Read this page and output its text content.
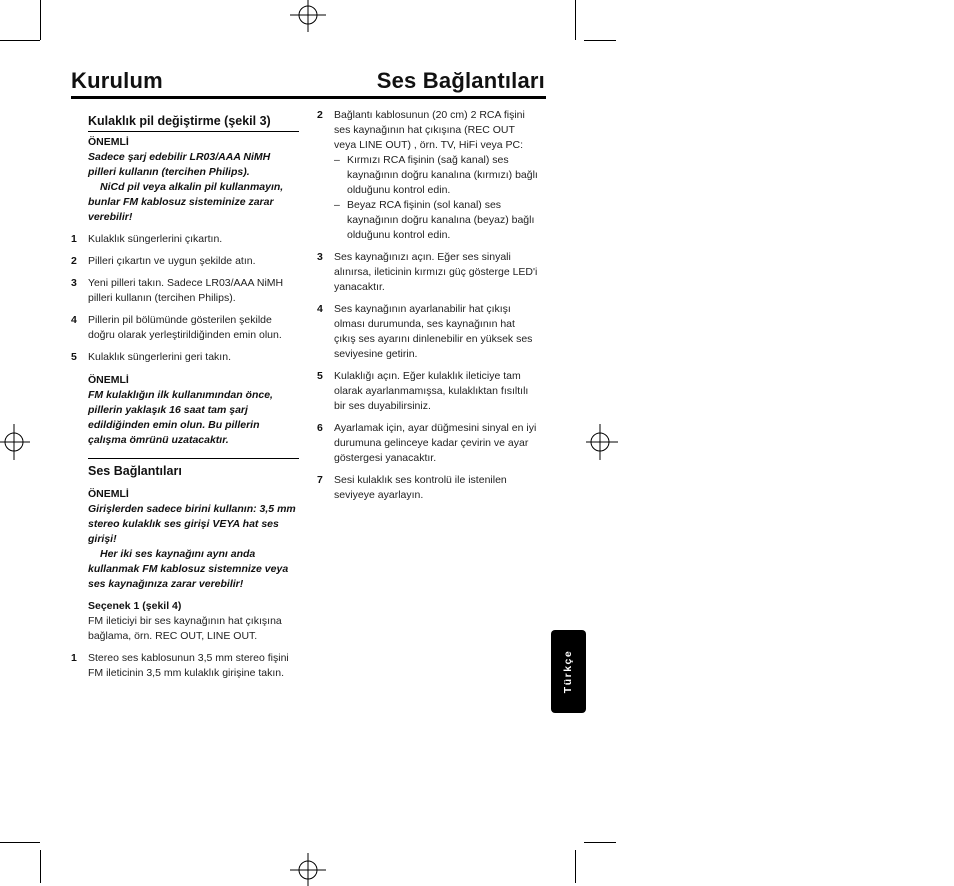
Kurulum	Ses Bağlantıları
Kulaklık pil değiştirme (şekil 3)
ÖNEMLİ
Sadece şarj edebilir LR03/AAA NiMH pilleri kullanın (tercihen Philips).
NiCd pil veya alkalin pil kullanmayın, bunlar FM kablosuz sisteminize zarar verebilir!
1	Kulaklık süngerlerini çıkartın.
2	Pilleri çıkartın ve uygun şekilde atın.
3	Yeni pilleri takın. Sadece LR03/AAA NiMH pilleri kullanın (tercihen Philips).
4	Pillerin pil bölümünde gösterilen şekilde doğru olarak yerleştirildiğinden emin olun.
5	Kulaklık süngerlerini geri takın.
ÖNEMLİ
FM kulaklığın ilk kullanımından önce, pillerin yaklaşık 16 saat tam şarj edildiğinden emin olun. Bu pillerin çalışma ömrünü uzatacaktır.
Ses Bağlantıları
ÖNEMLİ
Girişlerden sadece birini kullanın: 3,5 mm stereo kulaklık ses girişi VEYA hat ses girişi!
Her iki ses kaynağını aynı anda kullanmak FM kablosuz sistemnize veya ses kaynağınıza zarar verebilir!
Seçenek 1 (şekil 4)
FM ileticiyi bir ses kaynağının hat çıkışına bağlama, örn. REC OUT, LINE OUT.
1	Stereo ses kablosunun 3,5 mm stereo fişini FM ileticinin 3,5 mm kulaklık girişine takın.
2	Bağlantı kablosunun (20 cm) 2 RCA fişini ses kaynağının hat çıkışına (REC OUT veya LINE OUT) , örn. TV, HiFi veya PC:
– Kırmızı RCA fişinin (sağ kanal) ses kaynağının doğru kanalına (kırmızı) bağlı olduğunu kontrol edin.
– Beyaz RCA fişinin (sol kanal) ses kaynağının doğru kanalına (beyaz) bağlı olduğunu kontrol edin.
3	Ses kaynağınızı açın. Eğer ses sinyali alınırsa, ileticinin kırmızı güç gösterge LED'i yanacaktır.
4	Ses kaynağının ayarlanabilir hat çıkışı olması durumunda, ses kaynağının hat çıkış ses ayarını dinlenebilir en yüksek ses seviyesine getirin.
5	Kulaklığı açın. Eğer kulaklık ileticiye tam olarak ayarlanmamışsa, kulaklıktan fısıltılı bir ses duyabilirsiniz.
6	Ayarlamak için, ayar düğmesini sinyal en iyi durumuna gelinceye kadar çevirin ve ayar göstergesi yanacaktır.
7	Sesi kulaklık ses kontrolü ile istenilen seviyeye ayarlayın.
Türkçe
